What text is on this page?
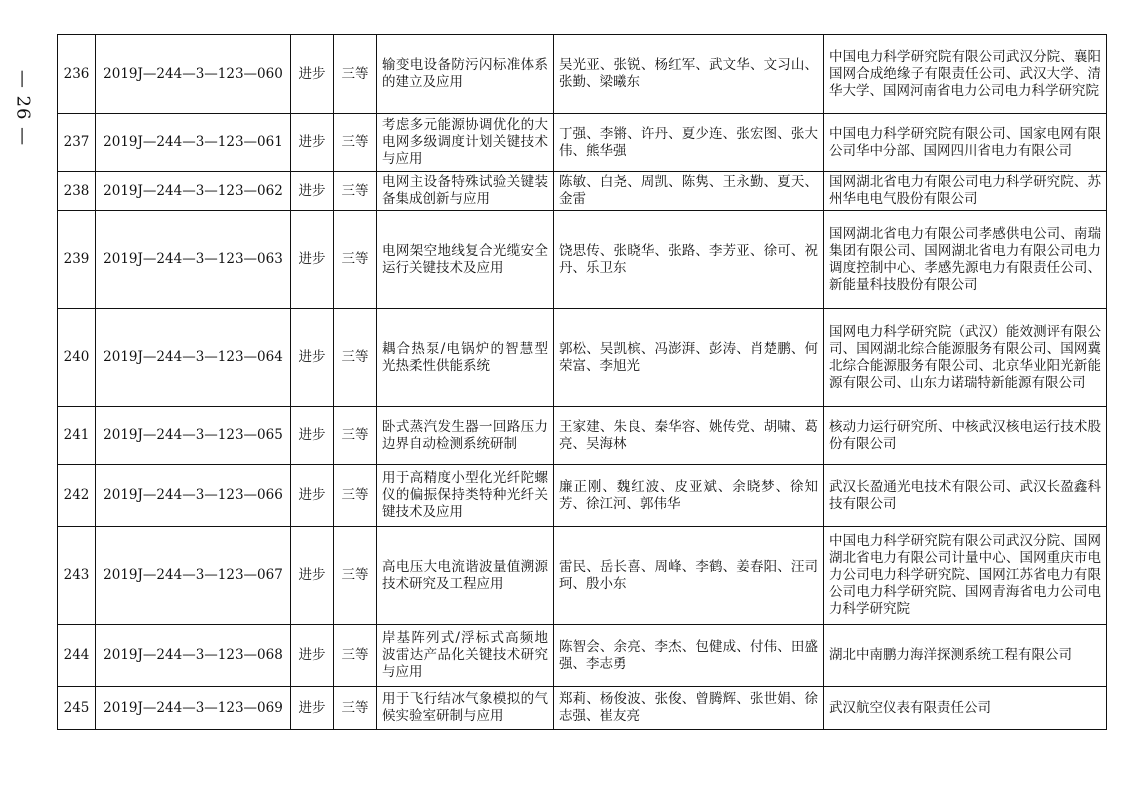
— 26 — 236	2019J—244—3—123—060	进步	三等	输变电设备防污闪标准体系的建立及应用	吴光亚、张锐、杨红军、武文华、文习山、张勤、梁曦东	中国电力科学研究院有限公司武汉分院、襄阳国网合成绝缘子有限责任公司、武汉大学、清华大学、国网河南省电力公司电力科学研究院
237	2019J—244—3—123—061	进步	三等	考虑多元能源协调优化的大电网多级调度计划关键技术与应用	丁强、李锵、许丹、夏少连、张宏图、张大伟、熊华强	中国电力科学研究院有限公司、国家电网有限公司华中分部、国网四川省电力有限公司
238	2019J—244—3—123—062	进步	三等	电网主设备特殊试验关键装备集成创新与应用	陈敏、白尧、周凯、陈隽、王永勤、夏天、金雷	国网湖北省电力有限公司电力科学研究院、苏州华电电气股份有限公司
239	2019J—244—3—123—063	进步	三等	电网架空地线复合光缆安全运行关键技术及应用	饶思传、张晓华、张路、李芳亚、徐可、祝丹、乐卫东	国网湖北省电力有限公司孝感供电公司、南瑞集团有限公司、国网湖北省电力有限公司电力调度控制中心、孝感先源电力有限责任公司、新能量科技股份有限公司
240	2019J—244—3—123—064	进步	三等	耦合热泵/电锅炉的智慧型光热柔性供能系统	郭松、吴凯槟、冯澎湃、彭涛、肖楚鹏、何荣富、李旭光	国网电力科学研究院（武汉）能效测评有限公司、国网湖北综合能源服务有限公司、国网冀北综合能源服务有限公司、北京华业阳光新能源有限公司、山东力诺瑞特新能源有限公司
241	2019J—244—3—123—065	进步	三等	卧式蒸汽发生器一回路压力边界自动检测系统研制	王家建、朱良、秦华容、姚传党、胡啸、葛亮、吴海林	核动力运行研究所、中核武汉核电运行技术股份有限公司
242	2019J—244—3—123—066	进步	三等	用于高精度小型化光纤陀螺仪的偏振保持类特种光纤关键技术及应用	廉正刚、魏红波、皮亚斌、余晓梦、徐知芳、徐江河、郭伟华	武汉长盈通光电技术有限公司、武汉长盈鑫科技有限公司
243	2019J—244—3—123—067	进步	三等	高电压大电流谐波量值溯源技术研究及工程应用	雷民、岳长喜、周峰、李鹤、姜春阳、汪司珂、殷小东	中国电力科学研究院有限公司武汉分院、国网湖北省电力有限公司计量中心、国网重庆市电力公司电力科学研究院、国网江苏省电力有限公司电力科学研究院、国网青海省电力公司电力科学研究院
244	2019J—244—3—123—068	进步	三等	岸基阵列式/浮标式高频地波雷达产品化关键技术研究与应用	陈智会、余亮、李杰、包健成、付伟、田盛强、李志勇	湖北中南鹏力海洋探测系统工程有限公司
245	2019J—244—3—123—069	进步	三等	用于飞行结冰气象模拟的气候实验室研制与应用	郑莉、杨俊波、张俊、曾腾辉、张世娟、徐志强、崔友亮	武汉航空仪表有限责任公司
